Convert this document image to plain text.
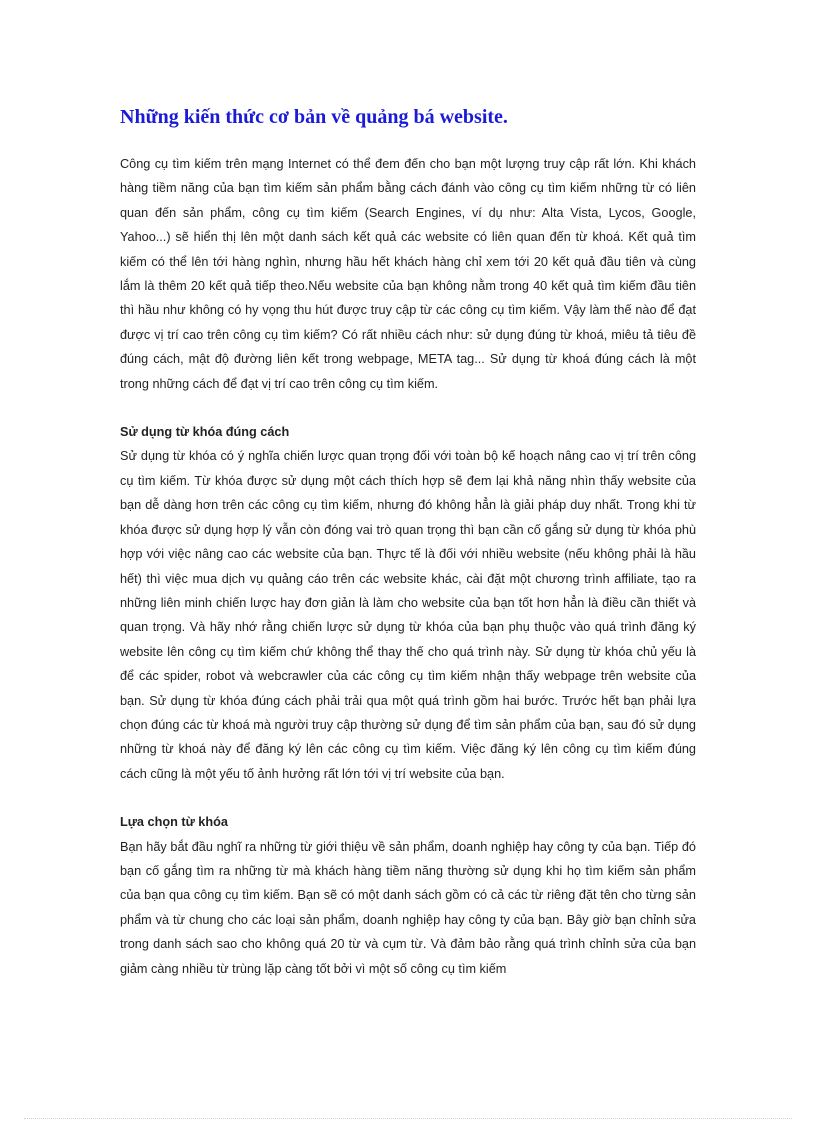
Những kiến thức cơ bản về quảng bá website.

Công cụ tìm kiếm trên mạng Internet có thể đem đến cho bạn một lượng truy cập rất lớn. Khi khách hàng tiềm năng của bạn tìm kiếm sản phẩm bằng cách đánh vào công cụ tìm kiếm những từ có liên quan đến sản phẩm, công cụ tìm kiếm (Search Engines, ví dụ như: Alta Vista, Lycos, Google, Yahoo...) sẽ hiển thị lên một danh sách kết quả các website có liên quan đến từ khoá. Kết quả tìm kiếm có thể lên tới hàng nghìn, nhưng hầu hết khách hàng chỉ xem tới 20 kết quả đầu tiên và cùng lắm là thêm 20 kết quả tiếp theo.Nếu website của bạn không nằm trong 40 kết quả tìm kiếm đầu tiên thì hầu như không có hy vọng thu hút được truy cập từ các công cụ tìm kiếm. Vậy làm thế nào để đạt được vị trí cao trên công cụ tìm kiếm? Có rất nhiều cách như: sử dụng đúng từ khoá, miêu tả tiêu đề đúng cách, mật độ đường liên kết trong webpage, META tag... Sử dụng từ khoá đúng cách là một trong những cách để đạt vị trí cao trên công cụ tìm kiếm.

Sử dụng từ khóa đúng cách

Sử dụng từ khóa có ý nghĩa chiến lược quan trọng đối với toàn bộ kế hoạch nâng cao vị trí trên công cụ tìm kiếm. Từ khóa được sử dụng một cách thích hợp sẽ đem lại khả năng nhìn thấy website của bạn dễ dàng hơn trên các công cụ tìm kiếm, nhưng đó không hẳn là giải pháp duy nhất. Trong khi từ khóa được sử dụng hợp lý vẫn còn đóng vai trò quan trọng thì bạn cần cố gắng sử dụng từ khóa phù hợp với việc nâng cao các website của bạn. Thực tế là đối với nhiều website (nếu không phải là hầu hết) thì việc mua dịch vụ quảng cáo trên các website khác, cài đặt một chương trình affiliate, tạo ra những liên minh chiến lược hay đơn giản là làm cho website của bạn tốt hơn hẳn là điều cần thiết và quan trọng. Và hãy nhớ rằng chiến lược sử dụng từ khóa của bạn phụ thuộc vào quá trình đăng ký website lên công cụ tìm kiếm chứ không thể thay thế cho quá trình này. Sử dụng từ khóa chủ yếu là để các spider, robot và webcrawler của các công cụ tìm kiếm nhận thấy webpage trên website của bạn. Sử dụng từ khóa đúng cách phải trải qua một quá trình gồm hai bước. Trước hết bạn phải lựa chọn đúng các từ khoá mà người truy cập thường sử dụng để tìm sản phẩm của bạn, sau đó sử dụng những từ khoá này để đăng ký lên các công cụ tìm kiếm. Việc đăng ký lên công cụ tìm kiếm đúng cách cũng là một yếu tố ảnh hưởng rất lớn tới vị trí website của bạn.

Lựa chọn từ khóa

Bạn hãy bắt đầu nghĩ ra những từ giới thiệu về sản phẩm, doanh nghiệp hay công ty của bạn. Tiếp đó bạn cố gắng tìm ra những từ mà khách hàng tiềm năng thường sử dụng khi họ tìm kiếm sản phẩm của bạn qua công cụ tìm kiếm. Bạn sẽ có một danh sách gồm có cả các từ riêng đặt tên cho từng sản phẩm và từ chung cho các loại sản phẩm, doanh nghiệp hay công ty của bạn. Bây giờ bạn chỉnh sửa trong danh sách sao cho không quá 20 từ và cụm từ. Và đảm bảo rằng quá trình chỉnh sửa của bạn giảm càng nhiều từ trùng lặp càng tốt bởi vì một số công cụ tìm kiếm
